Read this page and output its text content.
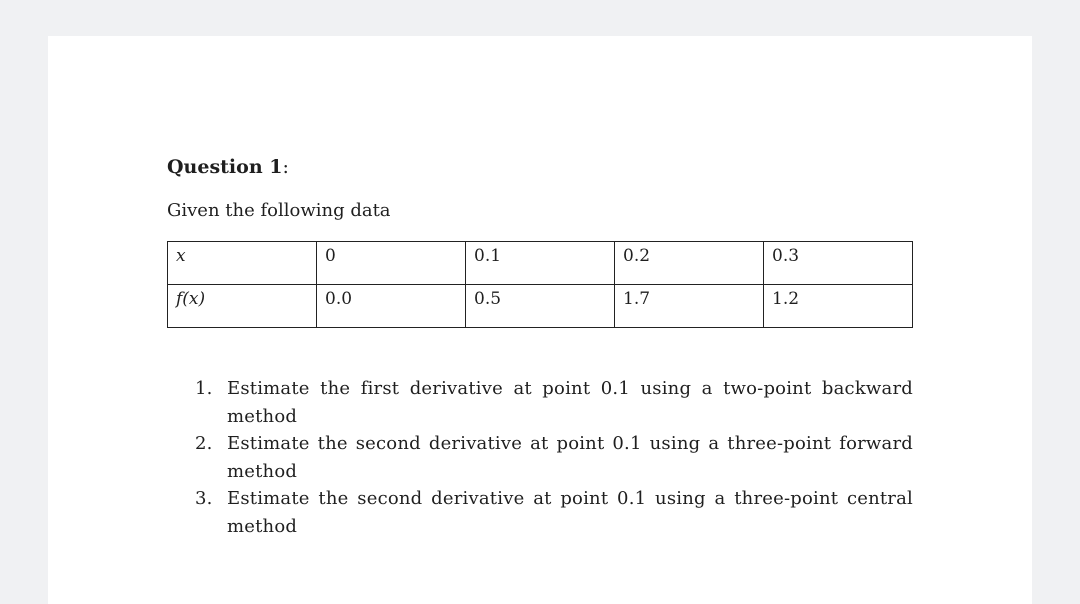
Question 1:
Given the following data
x	0	0.1	0.2	0.3
f(x)	0.0	0.5	1.7	1.2
1. Estimate the first derivative at point 0.1 using a two-point backward method
2. Estimate the second derivative at point 0.1 using a three-point forward method
3. Estimate the second derivative at point 0.1 using a three-point central method
